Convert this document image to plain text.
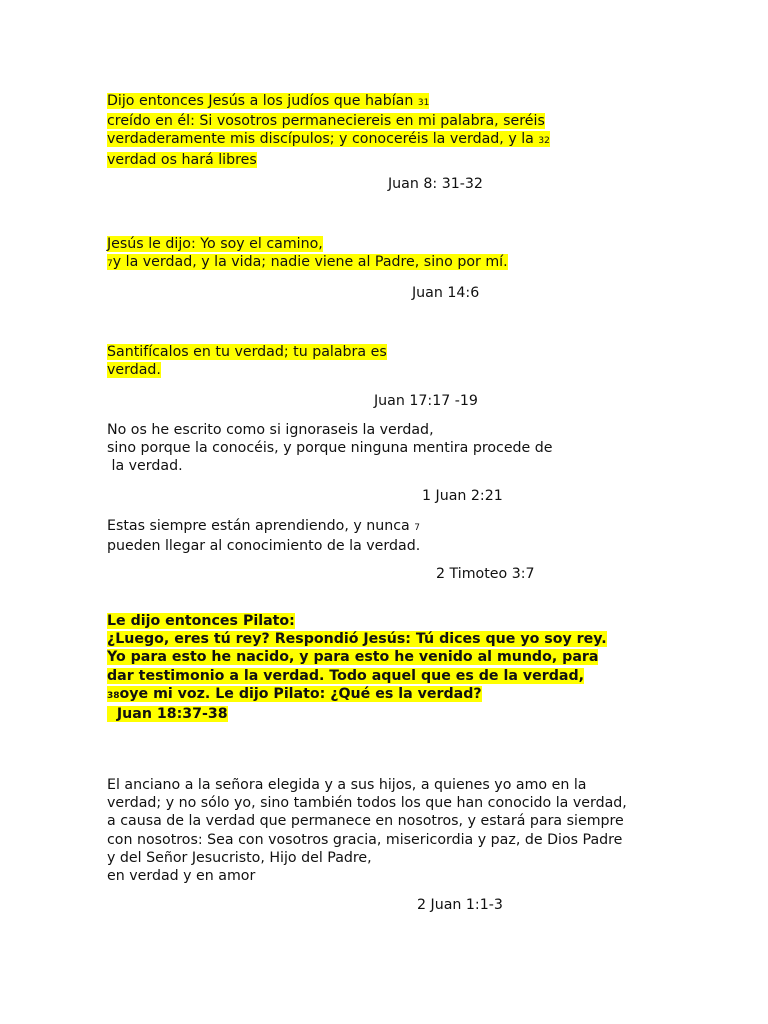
Dijo entonces Jesús a los judíos que habían 31
creído en él: Si vosotros permaneciereis en mi palabra, seréis
verdaderamente mis discípulos; y conoceréis la verdad, y la 32
verdad os hará libres
Juan 8: 31-32
Jesús le dijo: Yo soy el camino,
7y la verdad, y la vida; nadie viene al Padre, sino por mí.
Juan 14:6
Santifícalos en tu verdad; tu palabra es
verdad.
Juan 17:17 -19
No os he escrito como si ignoraseis la verdad,
sino porque la conocéis, y porque ninguna mentira procede de
la verdad.
1 Juan 2:21
Estas siempre están aprendiendo, y nunca 7
pueden llegar al conocimiento de la verdad.
2 Timoteo 3:7
Le dijo entonces Pilato:
¿Luego, eres tú rey? Respondió Jesús: Tú dices que yo soy rey.
Yo para esto he nacido, y para esto he venido al mundo, para
dar testimonio a la verdad. Todo aquel que es de la verdad,
38oye mi voz. Le dijo Pilato: ¿Qué es la verdad?
Juan 18:37-38
El anciano a la señora elegida y a sus hijos, a quienes yo amo en la
verdad; y no sólo yo, sino también todos los que han conocido la verdad,
a causa de la verdad que permanece en nosotros, y estará para siempre
con nosotros: Sea con vosotros gracia, misericordia y paz, de Dios Padre
y del Señor Jesucristo, Hijo del Padre,
en verdad y en amor
2 Juan 1:1-3
